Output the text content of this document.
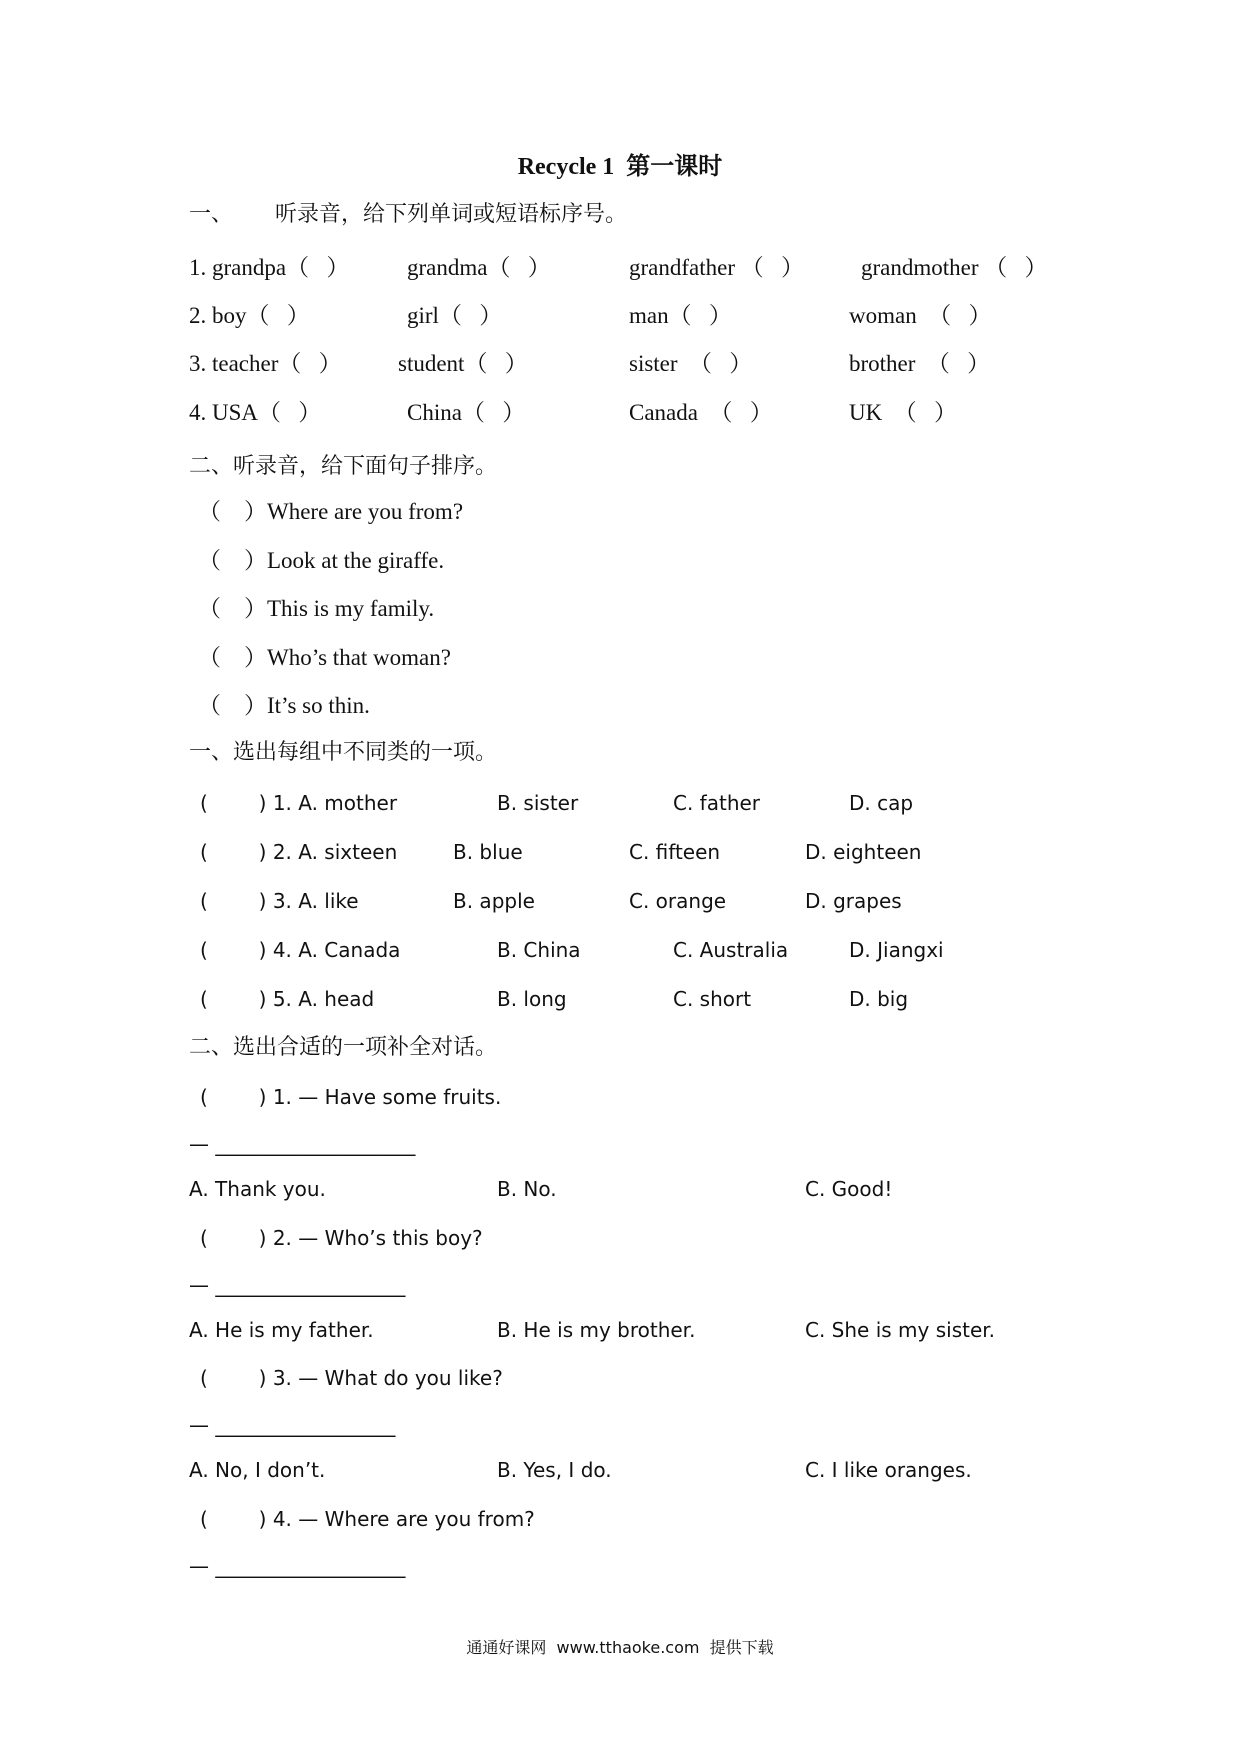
Recycle 1  第一课时
通通好课网  www.tthaoke.com  提供下载
一、      听录音，给下列单词或短语标序号。
1. grandpa（   ）	grandma（   ）	grandfather （   ） grandmother （   ）
2. boy（   ）	girl（   ）	man（   ）	woman  （   ）
3. teacher（   ） student（   ）	sister  （   ）	brother  （   ）
4. USA（   ）	China（   ）	Canada  （   ）	UK  （   ）
二、听录音，给下面句子排序。
（    ）Where are you from?
（    ）Look at the giraffe.
（    ）This is my family.
（    ）Who’s that woman?
（    ）It’s so thin.
一、选出每组中不同类的一项。
(        ) 1. A. mother	B. sister	C. father	D. cap
(        ) 2. A. sixteen	B. blue	C. fifteen	D. eighteen
(        ) 3. A. like	B. apple	C. orange	D. grapes
(        ) 4. A. Canada	B. China	C. Australia	D. Jiangxi
(        ) 5. A. head	B. long	C. short	D. big
二、选出合适的一项补全对话。
(        ) 1. — Have some fruits.
— ____________________
A. Thank you.	B. No.	C. Good!
(        ) 2. — Who’s this boy?
— ___________________
A. He is my father.	B. He is my brother.	C. She is my sister.
(        ) 3. — What do you like?
— __________________
A. No, I don’t.	B. Yes, I do.	C. I like oranges.
(        ) 4. — Where are you from?
— ___________________
